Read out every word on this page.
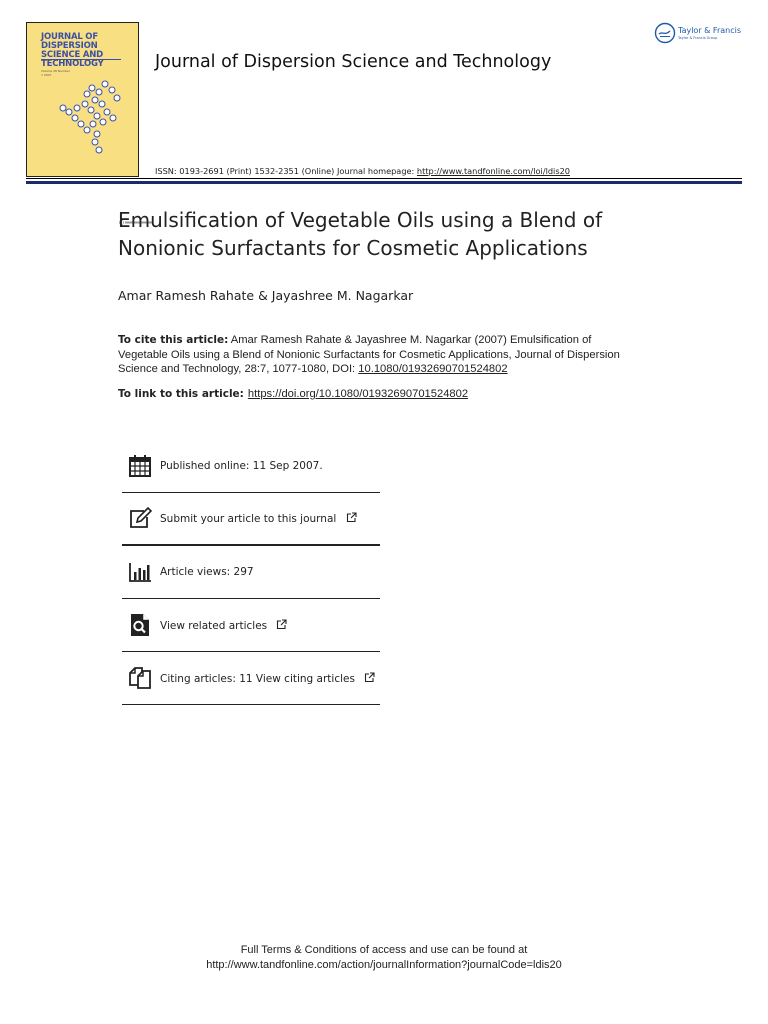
JOURNAL OF DISPERSION SCIENCE AND TECHNOLOGY
Volume 28 Number 7 2007
Journal of Dispersion Science and Technology
Taylor & Francis
Taylor & Francis Group
ISSN: 0193-2691 (Print) 1532-2351 (Online) Journal homepage: http://www.tandfonline.com/loi/ldis20
Emulsification of Vegetable Oils using a Blend of Nonionic Surfactants for Cosmetic Applications
Amar Ramesh Rahate & Jayashree M. Nagarkar
To cite this article: Amar Ramesh Rahate & Jayashree M. Nagarkar (2007) Emulsification of Vegetable Oils using a Blend of Nonionic Surfactants for Cosmetic Applications, Journal of Dispersion Science and Technology, 28:7, 1077-1080, DOI: 10.1080/01932690701524802
To link to this article: https://doi.org/10.1080/01932690701524802
Published online: 11 Sep 2007.
Submit your article to this journal
Article views: 297
View related articles
Citing articles: 11 View citing articles
Full Terms & Conditions of access and use can be found at
http://www.tandfonline.com/action/journalInformation?journalCode=ldis20
